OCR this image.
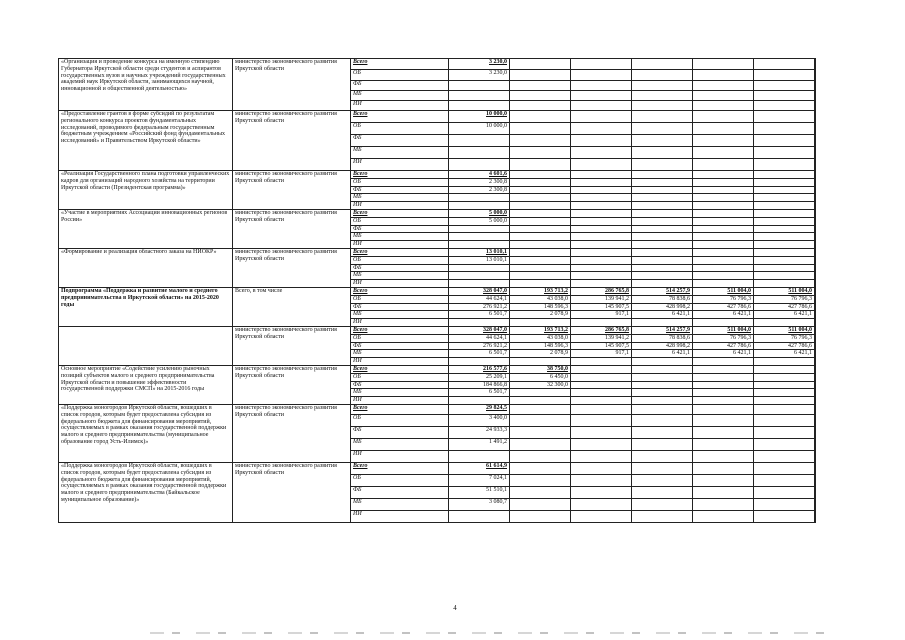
«Организация и проведение конкурса на именную стипендию Губернатора Иркутской области среди студентов и аспирантов государственных вузов и научных учреждений государственных академий наук Иркутской области, занимающихся научной, инновационной и общественной деятельностью»	министерство экономического развития Иркутской области	Всего	3 230,0						
		ОБ	3 230,0						
		ФБ							
		МБ							
		ИИ							
«Предоставление грантов в форме субсидий по результатам регионального конкурса проектов фундаментальных исследований, проводимого федеральным государственным бюджетным учреждением «Российский фонд фундаментальных исследований» и Правительством Иркутской области»	министерство экономического развития Иркутской области	Всего	10 000,0						
		ОБ	10 000,0						
		ФБ							
		МБ							
		ИИ							
«Реализация Государственного плана подготовки управленческих кадров для организаций народного хозяйства на территории Иркутской области (Президентская программа)»	министерство экономического развития Иркутской области	Всего	4 601,6						
		ОБ	2 300,8						
		ФБ	2 300,8						
		МБ							
		ИИ							
«Участие в мероприятиях Ассоциации инновационных регионов России»	министерство экономического развития Иркутской области	Всего	5 000,0						
		ОБ	5 000,0						
		ФБ							
		МБ							
		ИИ							
«Формирование и реализация областного заказа на НИОКР»	министерство экономического развития Иркутской области	Всего	13 010,1						
		ОБ	13 010,1						
		ФБ							
		МБ							
		ИИ							
Подпрограмма «Поддержка и развитие малого и среднего предпринимательства в Иркутской области» на 2015-2020 годы	Всего, в том числе	Всего	328 047,0	193 713,2	286 765,8	514 257,9	511 004,0	511 004,0	
		ОБ	44 624,1	43 038,0	139 941,2	78 838,6	76 796,3	76 796,3	
		ФБ	276 921,2	148 596,3	145 907,5	428 998,2	427 786,6	427 786,6	
		МБ	6 501,7	2 078,9	917,1	6 421,1	6 421,1	6 421,1	
		ИИ							
	министерство экономического развития Иркутской области	Всего	328 047,0	193 713,2	286 765,8	514 257,9	511 004,0	511 004,0	
		ОБ	44 624,1	43 038,0	139 941,2	78 838,6	76 796,3	76 796,3	
		ФБ	276 921,2	148 596,3	145 907,5	428 998,2	427 786,6	427 786,6	
		МБ	6 501,7	2 078,9	917,1	6 421,1	6 421,1	6 421,1	
		ИИ							
Основное мероприятие «Содействие усилению рыночных позиций субъектов малого и среднего предпринимательства Иркутской области и повышение эффективности государственной поддержки СМСП» на 2015-2016 годы	министерство экономического развития Иркутской области	Всего	216 577,6	38 750,0					
		ОБ	25 209,1	6 450,0					
		ФБ	184 866,8	32 300,0					
		МБ	6 501,7						
		ИИ							
«Поддержка моногородов Иркутской области, вошедших в список городов, которым будет предоставлена субсидия из федерального бюджета для финансирования мероприятий, осуществляемых в рамках оказания государственной поддержки малого и среднего предпринимательства (муниципальное образование город Усть-Илимск)»	министерство экономического развития Иркутской области	Всего	29 824,5						
		ОБ	3 400,0						
		ФБ	24 933,3						
		МБ	1 491,2						
		ИИ							
«Поддержка моногородов Иркутской области, вошедших в список городов, которым будет предоставлена субсидия из федерального бюджета для финансирования мероприятий, осуществляемых в рамках оказания государственной поддержки малого и среднего предпринимательства (Байкальское муниципальное образование)»	министерство экономического развития Иркутской области	Всего	61 614,9						
		ОБ	7 024,1						
		ФБ	51 510,1						
		МБ	3 080,7						
		ИИ							
4
